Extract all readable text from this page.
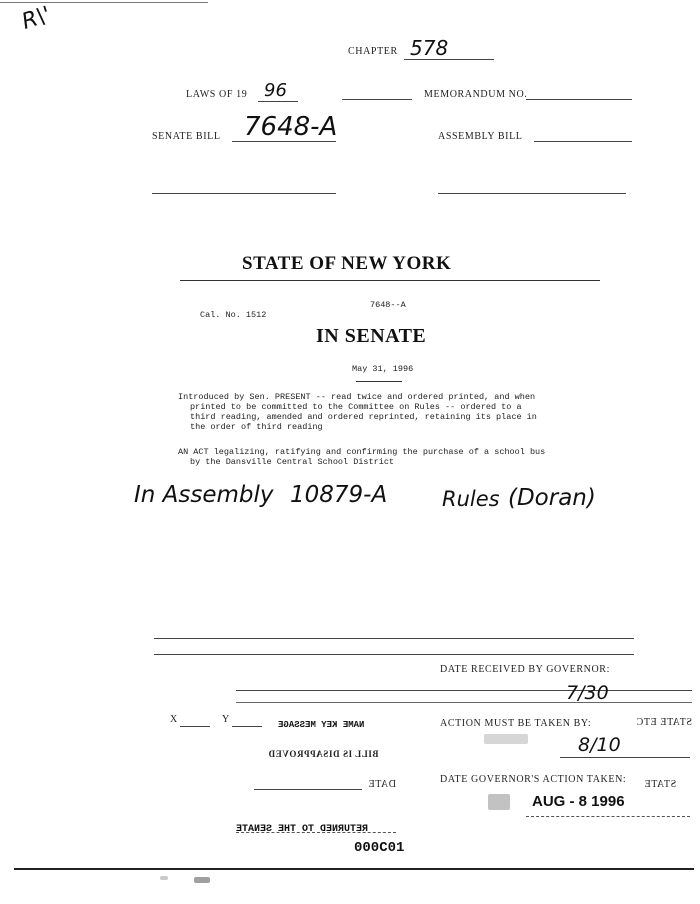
R\'
CHAPTER 578
LAWS OF 19 96	MEMORANDUM NO.
SENATE BILL 7648-A	ASSEMBLY BILL
STATE OF NEW YORK
7648--A
Cal. No. 1512
IN SENATE
May 31, 1996
Introduced by Sen. PRESENT -- read twice and ordered printed, and when
printed to be committed to the Committee on Rules -- ordered to a
third reading, amended and ordered reprinted, retaining its place in
the order of third reading
AN ACT legalizing, ratifying and confirming the purchase of a school bus
by the Dansville Central School District
In Assembly 10879-A	Rules (Doran)
DATE RECEIVED BY GOVERNOR:
7/30
X	Y	NAME KEY MESSAGE	ACTION MUST BE TAKEN BY:	STATE ETC
8/10
BILL IS DISAPPROVED
DATE	DATE GOVERNOR'S ACTION TAKEN: STATE
AUG - 8 1996
RETURNED TO THE SENATE
000C01
